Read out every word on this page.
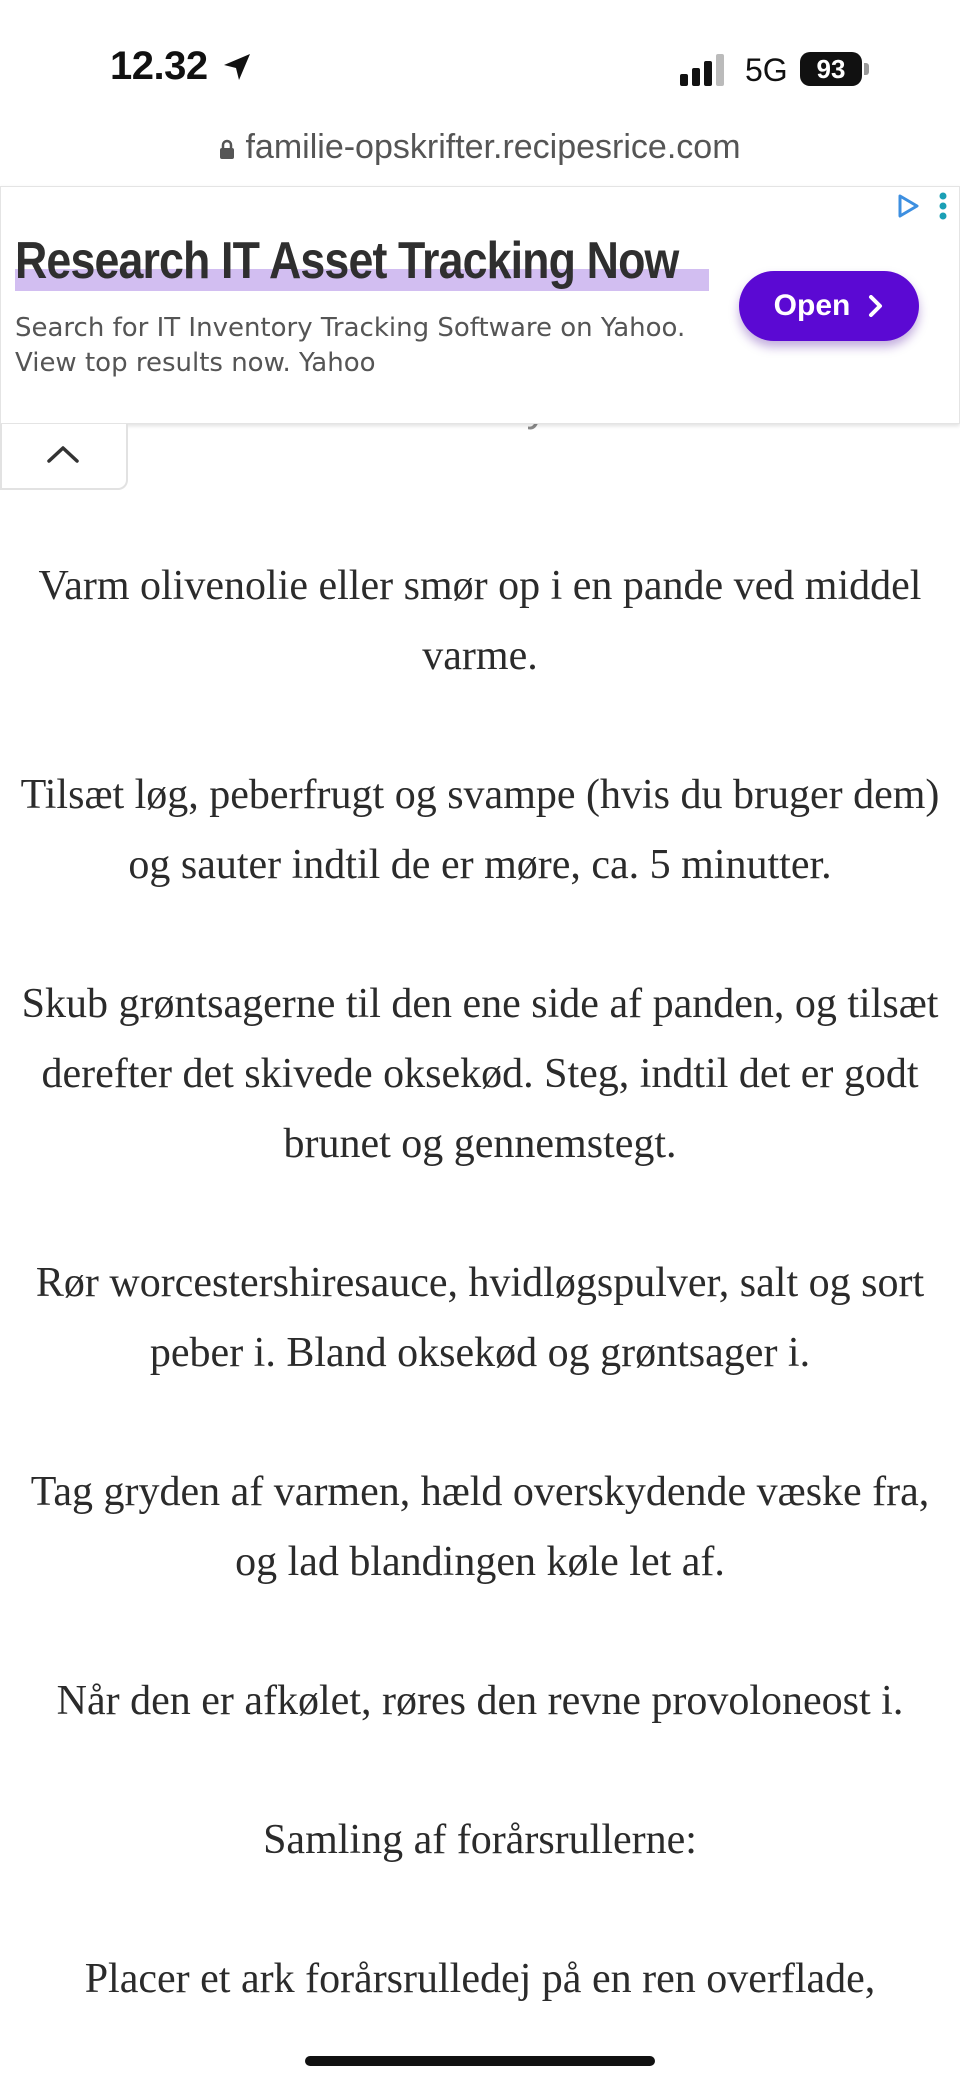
12.32	5G	93
familie-opskrifter.recipesrice.com
Research IT Asset Tracking Now
Search for IT Inventory Tracking Software on Yahoo. View top results now. Yahoo
Open

Varm olivenolie eller smør op i en pande ved middel varme.

Tilsæt løg, peberfrugt og svampe (hvis du bruger dem) og sauter indtil de er møre, ca. 5 minutter.

Skub grøntsagerne til den ene side af panden, og tilsæt derefter det skivede oksekød. Steg, indtil det er godt brunet og gennemstegt.

Rør worcestershiresauce, hvidløgspulver, salt og sort peber i. Bland oksekød og grøntsager i.

Tag gryden af varmen, hæld overskydende væske fra, og lad blandingen køle let af.

Når den er afkølet, røres den revne provoloneost i.

Samling af forårsrullerne:

Placer et ark forårsrulledej på en ren overflade,
